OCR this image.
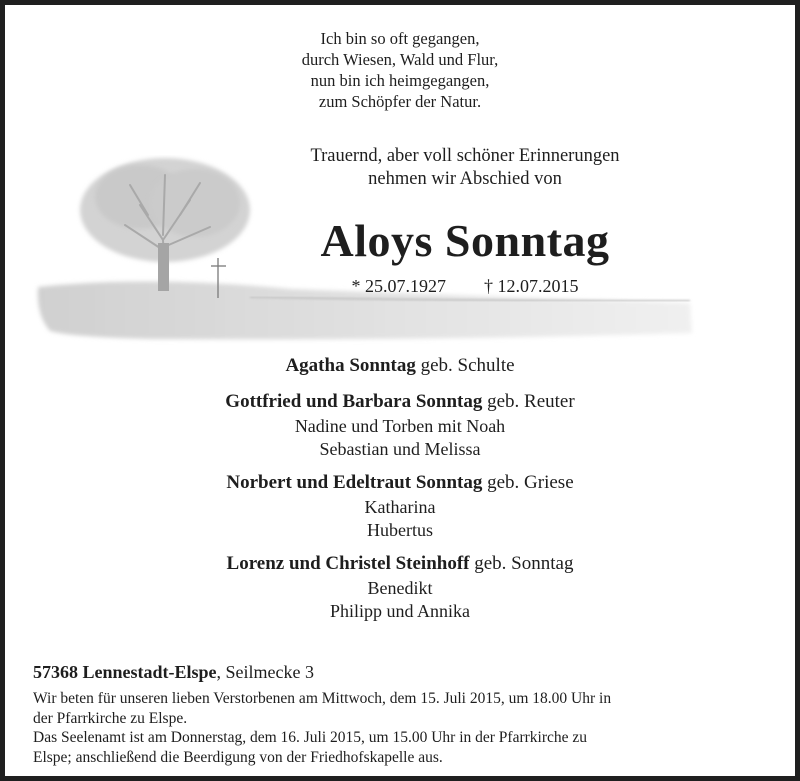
Ich bin so oft gegangen,
durch Wiesen, Wald und Flur,
nun bin ich heimgegangen,
zum Schöpfer der Natur.
Trauernd, aber voll schöner Erinnerungen
nehmen wir Abschied von
Aloys Sonntag
* 25.07.1927 † 12.07.2015
Agatha Sonntag geb. Schulte
Gottfried und Barbara Sonntag geb. Reuter
Nadine und Torben mit Noah
Sebastian und Melissa
Norbert und Edeltraut Sonntag geb. Griese
Katharina
Hubertus
Lorenz und Christel Steinhoff geb. Sonntag
Benedikt
Philipp und Annika
57368 Lennestadt-Elspe, Seilmecke 3
Wir beten für unseren lieben Verstorbenen am Mittwoch, dem 15. Juli 2015, um 18.00 Uhr in
der Pfarrkirche zu Elspe.
Das Seelenamt ist am Donnerstag, dem 16. Juli 2015, um 15.00 Uhr in der Pfarrkirche zu
Elspe; anschließend die Beerdigung von der Friedhofskapelle aus.
